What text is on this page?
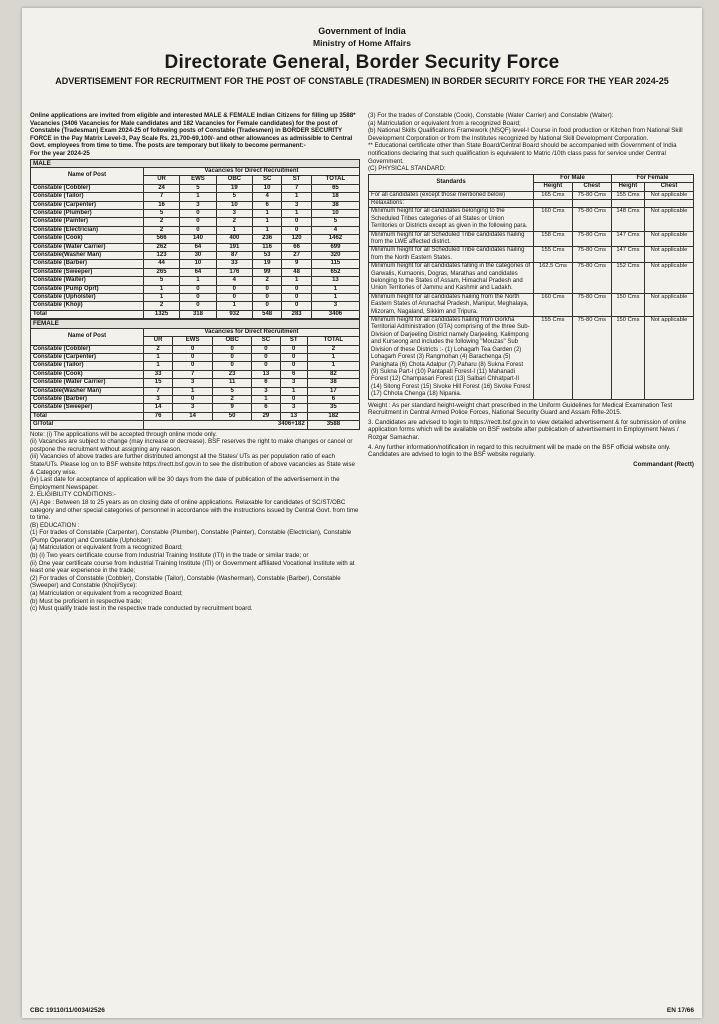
Government of India
Ministry of Home Affairs
Directorate General, Border Security Force
ADVERTISEMENT FOR RECRUITMENT FOR THE POST OF CONSTABLE (TRADESMEN) IN BORDER SECURITY FORCE FOR THE YEAR 2024-25

Online applications are invited from eligible and interested MALE & FEMALE Indian Citizens for filling up 3588* Vacancies (3406 Vacancies for Male candidates and 182 Vacancies for Female candidates) for the post of Constable (Tradesman) Exam 2024-25 of following posts of Constable (Tradesmen) in BORDER SECURITY FORCE in the Pay Matrix Level-3, Pay Scale Rs. 21,700-69,100/- and other allowances as admissible to Central Govt. employees from time to time. The posts are temporary but likely to become permanent:-

For the year 2024-25

MALE						
Name of Post	Vacancies for Direct Recruitment					
	UR	EWS	OBC	SC	ST	TOTAL
Constable (Cobbler)	24	5	19	10	7	65
Constable (Tailor)	7	1	5	4	1	18
Constable (Carpenter)	16	3	10	6	3	38
Constable (Plumber)	5	0	3	1	1	10
Constable (Painter)	2	0	2	1	0	5
Constable (Electrician)	2	0	1	1	0	4
Constable (Cook)	566	140	400	236	120	1462
Constable (Water Carrier)	262	64	191	116	66	699
Constable(Washer Man)	123	30	87	53	27	320
Constable (Barber)	44	10	33	19	9	115
Constable (Sweeper)	265	64	176	99	48	652
Constable (Waiter)	5	1	4	2	1	13
Constable (Pump Oprt)	1	0	0	0	0	1
Constable (Upholster)	1	0	0	0	0	1
Constable (Khoji)	2	0	1	0	0	3
Total	1325	318	932	548	283	3406
FEMALE						
Name of Post	Vacancies for Direct Recruitment					
	UR	EWS	OBC	SC	ST	TOTAL
Constable (Cobbler)	2	0	0	0	0	2
Constable (Carpenter)	1	0	0	0	0	1
Constable (Tailor)	1	0	0	0	0	1
Constable (Cook)	33	7	23	13	6	82
Constable (Water Carrier)	15	3	11	6	3	38
Constable(Washer Man)	7	1	5	3	1	17
Constable (Barber)	3	0	2	1	0	6
Constable (Sweeper)	14	3	9	6	3	35
Total	76	14	50	29	13	182
G/Total	3406+182					3588

Note: (i) The applications will be accepted through online mode only.

(ii) Vacancies are subject to change (may increase or decrease). BSF reserves the right to make changes or cancel or postpone the recruitment without assigning any reason.

(iii) Vacancies of above trades are further distributed amongst all the States/ UTs as per population ratio of each State/UTs. Please log on to BSF website https://rectt.bsf.gov.in to see the distribution of above vacancies as State wise & Category wise.

(iv) Last date for acceptance of application will be 30 days from the date of publication of the advertisement in the Employment Newspaper.

2. ELIGIBILITY CONDITIONS:-

(A) Age : Between 18 to 25 years as on closing date of online applications. Relaxable for candidates of SC/ST/OBC category and other special categories of personnel in accordance with the instructions issued by Central Govt. from time to time.

(B) EDUCATION :

(1) For trades of Constable (Carpenter), Constable (Plumber), Constable (Painter), Constable (Electrician), Constable (Pump Operator) and Constable (Upholster):

(a) Matriculation or equivalent from a recognized Board;

(b) (i) Two years certificate course from Industrial Training Institute (ITI) in the trade or similar trade; or

(ii) One year certificate course from Industrial Training Institute (ITI) or Government affiliated Vocational Institute with at least one year experience in the trade;

(2) For trades of Constable (Cobbler), Constable (Tailor), Constable (Washerman), Constable (Barber), Constable (Sweeper) and Constable (Khoji/Syce):

(a) Matriculation or equivalent from a recognized Board;

(b) Must be proficient in respective trade;

(c) Must qualify trade test in the respective trade conducted by recruitment board.

(3) For the trades of Constable (Cook), Constable (Water Carrier) and Constable (Waiter):

(a) Matriculation or equivalent from a recognized Board;

(b) National Skills Qualifications Framework (NSQF) level-I Course in food production or Kitchen from National Skill Development Corporation or from the Institutes recognized by National Skill Development Corporation.

** Educational certificate other than State Board/Central Board should be accompanied with Government of India notifications declaring that such qualification is equivalent to Matric /10th class pass for service under Central Government.

(C) PHYSICAL STANDARD:

Standards	For Male		For Female	
	Height	Chest	Height	Chest
For all candidates (except those mentioned below)	165 Cms	75-80 Cms	155 Cms	Not applicable
Relaxations:				
Minimum height for all candidates belonging to the Scheduled Tribes categories of all States or Union Territories or Districts except as given in the following para.	160 Cms	75-80 Cms	148 Cms	Not applicable
Minimum height for all Scheduled Tribe candidates hailing from the LWE affected district.	158 Cms	75-80 Cms	147 Cms	Not applicable
Minimum height for all Scheduled Tribe candidates hailing from the North Eastern States.	155 Cms	75-80 Cms	147 Cms	Not applicable
Minimum height for all candidates falling in the categories of Garwalis, Kumaonis, Dogras, Marathas and candidates belonging to the States of Assam, Himachal Pradesh and Union Territories of Jammu and Kashmir and Ladakh.	162.5 Cms	75-80 Cms	152 Cms	Not applicable
Minimum height for all candidates hailing from the North Eastern States of Arunachal Pradesh, Manipur, Meghalaya, Mizoram, Nagaland, Sikkim and Tripura.	160 Cms	75-80 Cms	150 Cms	Not applicable
Minimum height for all candidates hailing from Gorkha Territorial Administration (GTA) comprising of the three Sub-Division of Darjeeling District namely Darjeeling, Kalimpong and Kurseong and includes the following "Mouzas" Sub Division of these Districts :- (1) Lohagarh Tea Garden (2) Lohagarh Forest (3) Rangmohan (4) Barachenga (5) Panighata (6) Chota Adalpur (7) Paharu (8) Sukna Forest (9) Sukna Part-I (10) Pantapati Forest-I (11) Mahanadi Forest (12) Champasari Forest (13) Salbari Chhatpart-II (14) Sitong Forest (15) Sivoke Hill Forest (16) Sivoke Forest (17) Chhota Chenga (18) Nipania.	155 Cms	75-80 Cms	150 Cms	Not applicable

Weight : As per standard height-weight chart prescribed in the Uniform Guidelines for Medical Examination Test Recruitment in Central Armed Police Forces, National Security Guard and Assam Rifle-2015.

3. Candidates are advised to login to https://rectt.bsf.gov.in to view detailed advertisement & for submission of online application forms which will be available on BSF website after publication of advertisement in Employment News / Rozgar Samachar.

4. Any further information/notification in regard to this recruitment will be made on the BSF official website only. Candidates are advised to login to the BSF website regularly.

Commandant (Rectt)

CBC 19110/11/0034/2526	EN 17/66
